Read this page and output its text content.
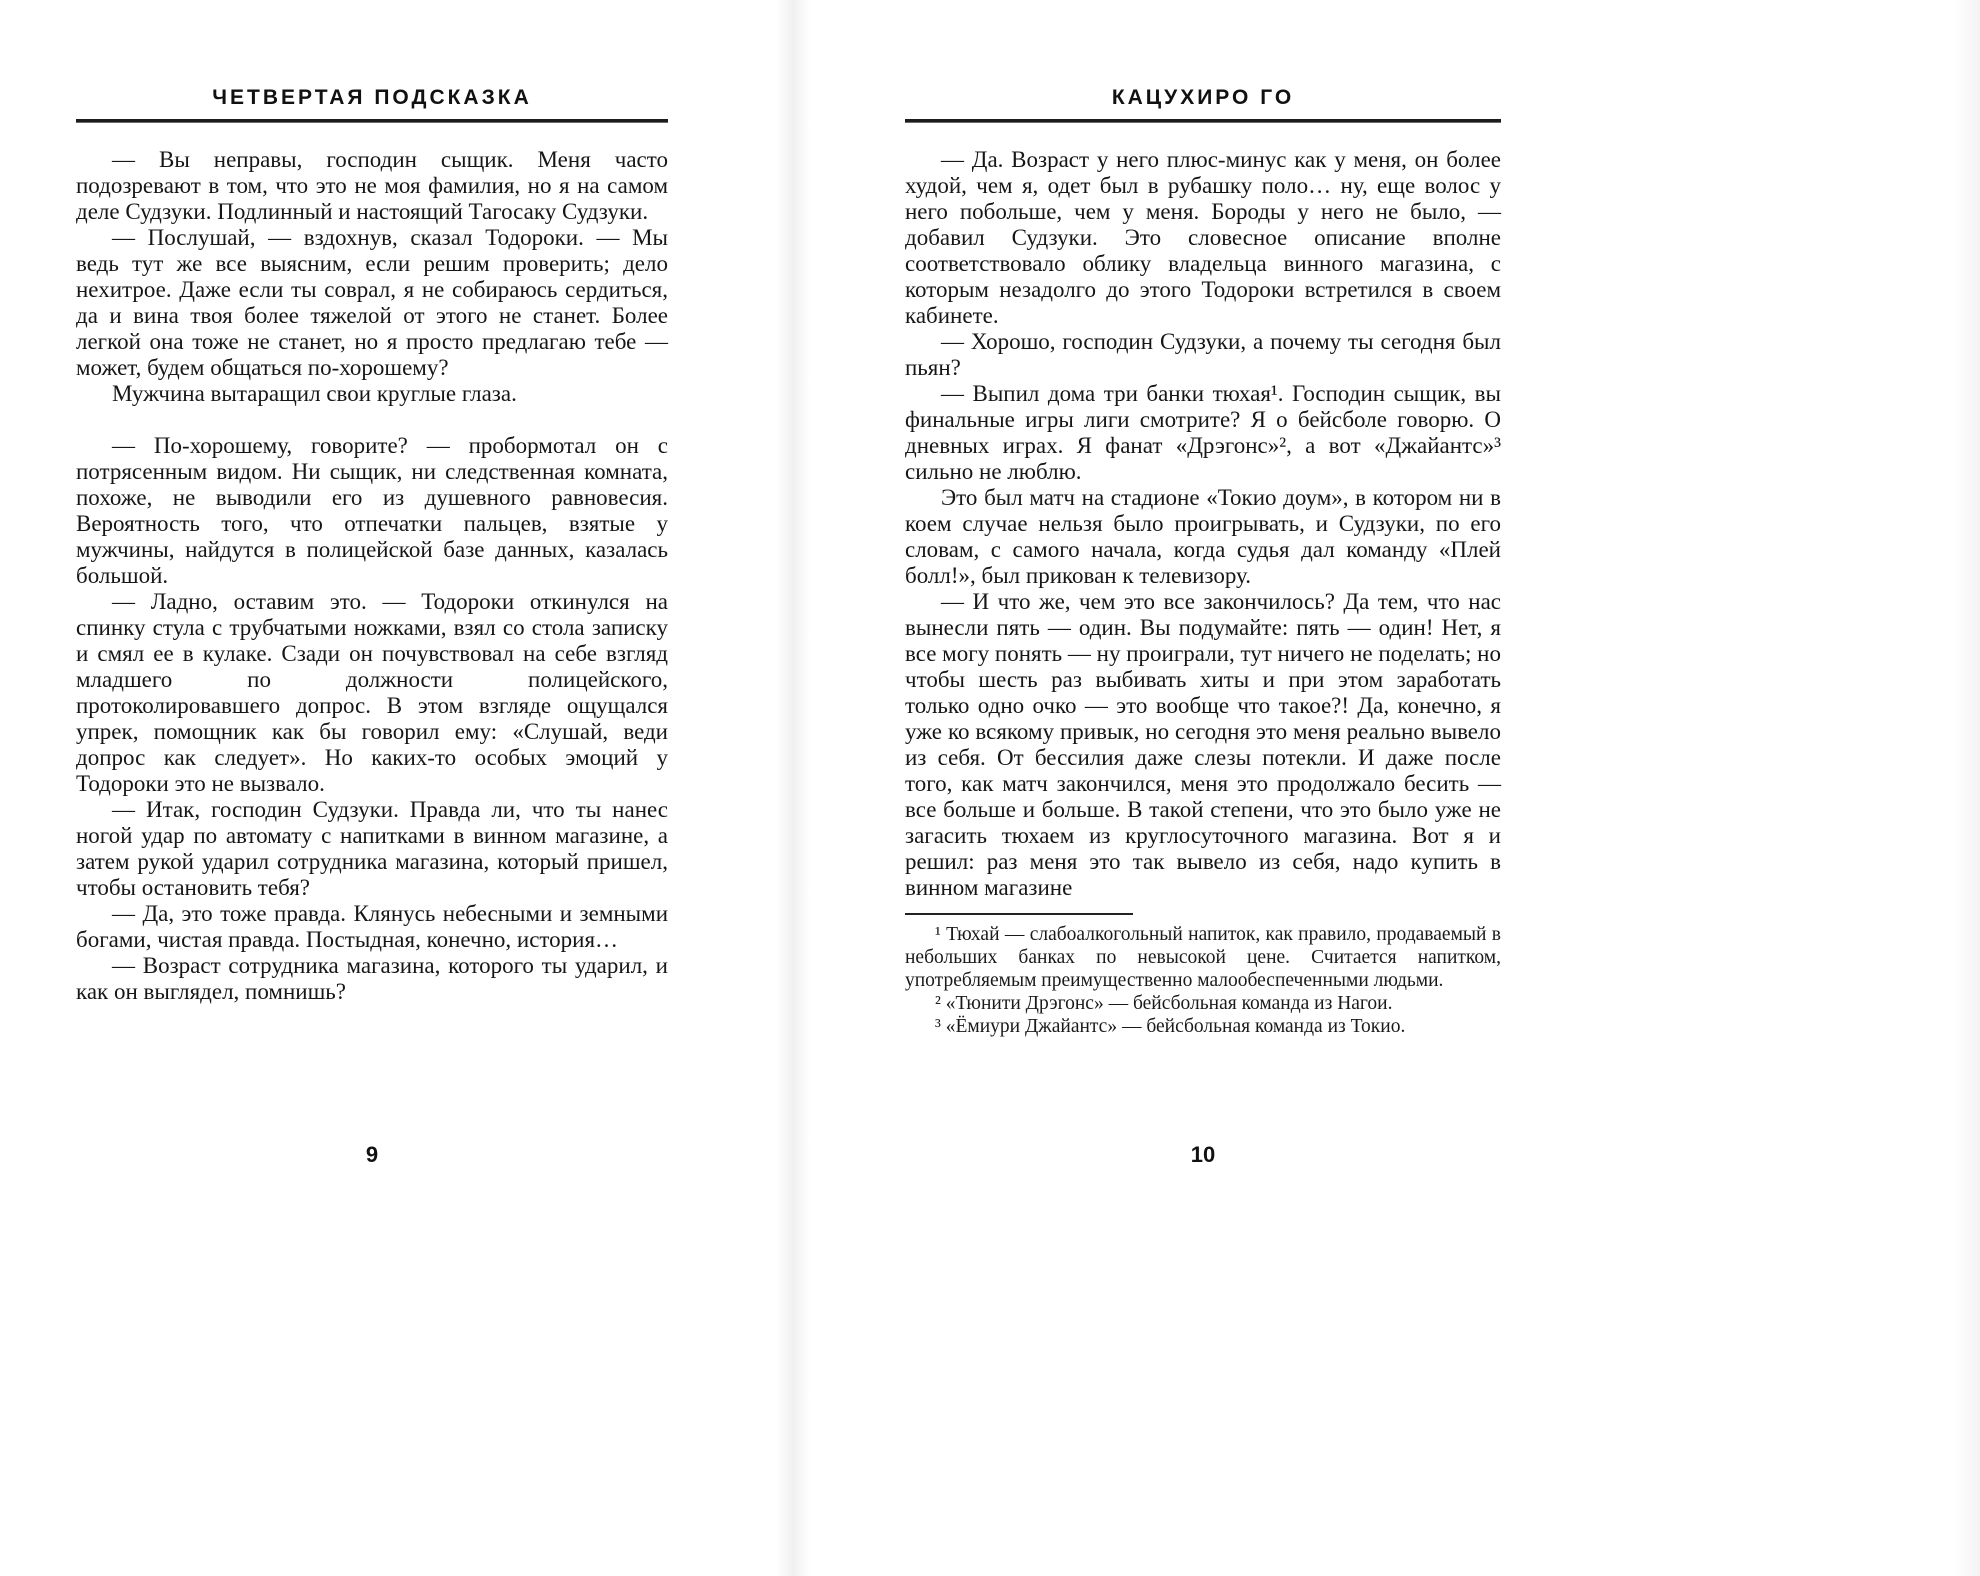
ЧЕТВЕРТАЯ ПОДСКАЗКА

— Вы неправы, господин сыщик. Меня часто подозревают в том, что это не моя фамилия, но я на самом деле Судзуки. Подлинный и настоящий Тагосаку Судзуки.

— Послушай, — вздохнув, сказал Тодороки. — Мы ведь тут же все выясним, если решим проверить; дело нехитрое. Даже если ты соврал, я не собираюсь сердиться, да и вина твоя более тяжелой от этого не станет. Более легкой она тоже не станет, но я просто предлагаю тебе — может, будем общаться по-хорошему?

Мужчина вытаращил свои круглые глаза.

— По-хорошему, говорите? — пробормотал он с потрясенным видом. Ни сыщик, ни следственная комната, похоже, не выводили его из душевного равновесия. Вероятность того, что отпечатки пальцев, взятые у мужчины, найдутся в полицейской базе данных, казалась большой.

— Ладно, оставим это. — Тодороки откинулся на спинку стула с трубчатыми ножками, взял со стола записку и смял ее в кулаке. Сзади он почувствовал на себе взгляд младшего по должности полицейского, протоколировавшего допрос. В этом взгляде ощущался упрек, помощник как бы говорил ему: «Слушай, веди допрос как следует». Но каких-то особых эмоций у Тодороки это не вызвало.

— Итак, господин Судзуки. Правда ли, что ты нанес ногой удар по автомату с напитками в винном магазине, а затем рукой ударил сотрудника магазина, который пришел, чтобы остановить тебя?

— Да, это тоже правда. Клянусь небесными и земными богами, чистая правда. Постыдная, конечно, история…

— Возраст сотрудника магазина, которого ты ударил, и как он выглядел, помнишь?

КАЦУХИРО ГО

— Да. Возраст у него плюс-минус как у меня, он более худой, чем я, одет был в рубашку поло… ну, еще волос у него побольше, чем у меня. Бороды у него не было, — добавил Судзуки. Это словесное описание вполне соответствовало облику владельца винного магазина, с которым незадолго до этого Тодороки встретился в своем кабинете.

— Хорошо, господин Судзуки, а почему ты сегодня был пьян?

— Выпил дома три банки тюхая¹. Господин сыщик, вы финальные игры лиги смотрите? Я о бейсболе говорю. О дневных играх. Я фанат «Дрэгонс»², а вот «Джайантс»³ сильно не люблю.

Это был матч на стадионе «Токио доум», в котором ни в коем случае нельзя было проигрывать, и Судзуки, по его словам, с самого начала, когда судья дал команду «Плей болл!», был прикован к телевизору.

— И что же, чем это все закончилось? Да тем, что нас вынесли пять — один. Вы подумайте: пять — один! Нет, я все могу понять — ну проиграли, тут ничего не поделать; но чтобы шесть раз выбивать хиты и при этом заработать только одно очко — это вообще что такое?! Да, конечно, я уже ко всякому привык, но сегодня это меня реально вывело из себя. От бессилия даже слезы потекли. И даже после того, как матч закончился, меня это продолжало бесить — все больше и больше. В такой степени, что это было уже не загасить тюхаем из круглосуточного магазина. Вот я и решил: раз меня это так вывело из себя, надо купить в винном магазине

¹ Тюхай — слабоалкогольный напиток, как правило, продаваемый в небольших банках по невысокой цене. Считается напитком, употребляемым преимущественно малообеспеченными людьми.

² «Тюнити Дрэгонс» — бейсбольная команда из Нагои.

³ «Ёмиури Джайантс» — бейсбольная команда из Токио.

9	10
